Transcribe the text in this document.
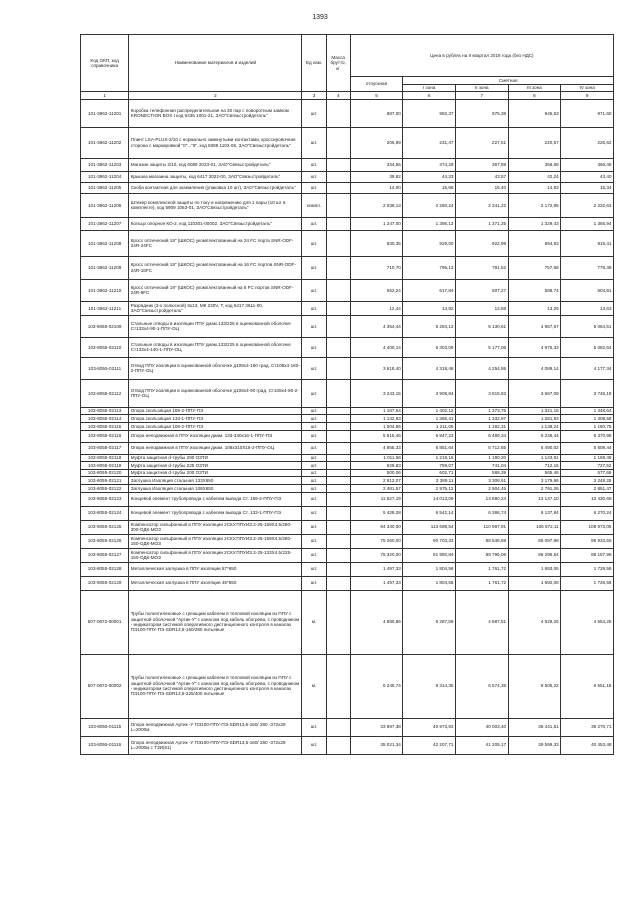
1393
Код ОКП, код справочника	Наименование материалов и изделий	Ед изм.	Масса брутто, кг	Цена в рублях на II квартал 2016 года (без НДС)				
				отпускная	Сметная			
					I зона	II зона	III зона	IV зона
1	2	3	4	5	6	7	8	9
101-3862-11201	Коробка телефонная распределительная на 30 пар с поворотным замком KRONECTION BOX I код 6435 1001-21, ЗАО"Связьстройдеталь"	шт.		887,00	992,37	975,38	945,63	971,60
101-3862-11202	Плинт LSA-PLUS-2/10 с нормально замкнутыми контактами, кроссировочная сторона с маркировкой "0"..."9", код 6089 1102-06, ЗАО"Связьстройдеталь"	шт.		206,89	231,47	227,51	220,57	226,62
101-3862-11203	Магазин защиты 2/10, код 6089 2023-01, ЗАО"Связьстройдеталь"	шт.		334,55	374,29	367,89	356,68	366,46
101-3862-11204	Крышка магазина защиты, код 6417 3022-00, ЗАО"Связьстройдеталь"	шт.		39,62	44,33	43,57	42,24	43,40
101-3862-11205	Скоба контактная для заземления (упаковка 10 шт), ЗАО"Связьстройдеталь"	шт.		14,00	15,66	15,40	14,93	15,34
101-3862-11206	Штекер комплексной защиты по току и напряжению для 1 пары (10 шт в комплекте), код 5909 1063-01, ЗАО"Связьстройдеталь"	компл.		2 038,13	2 280,24	2 241,22	2 172,95	2 232,63
101-3862-11207	Кольцо опорное КО-2, код 110301-00002, ЗАО"Связьстройдеталь"	шт.		1 247,00	1 395,13	1 371,25	1 329,43	1 365,94
101-3862-11208	Кросс оптический 19" (ШКОС) укомплектованный на 24 FC порта SNR-ODF-24R-24FC	шт.		830,35	929,00	922,99	894,83	919,41
101-3862-11209	Кросс оптический 19" (ШКОС) укомплектованный на 16 FC портов SNR-ODF-24R-16FC	шт.		710,70	795,13	781,52	757,68	778,49
101-3862-11210	Кросс оптический 19" (ШКОС) укомплектованный на 8 FC портов SNR-ODF-24R-8FC	шт.		552,24	617,84	607,27	588,74	604,91
101-3862-11211	Разрядник (3-х полюсной) 6х13, МК 230V, Т, код 6417 3611-00, ЗАО"Связьстройдеталь"	шт.		12,44	13,92	13,68	13,26	13,63
103-8055-02109	Стальные отводы в изоляции ППУ диам.133/225 в оцинкованной оболочке Ст133х4-90-1-ППУ-ОЦ	шт.		4 354,44	5 284,13	5 130,61	4 957,67	5 064,51
103-8055-02110	Стальные отводы в изоляции ППУ диам.133/225 в оцинкованной оболочке Ст133х4-140-1-ППУ-ОЦ	шт.		4 400,14	5 303,09	5 177,06	4 975,33	5 082,64
103-8055-02111	Отвод ППУ изоляции в оцинкованной оболочке д108х4-180 град. Ст108х4-180-2-ППУ-ОЦ	шт.		3 618,40	4 318,48	4 254,95	4 089,14	4 177,34
103-8055-02112	Отвод ППУ изоляции в оцинкованной оболочке д108х4-90 град. Ст108х4-90-2-ППУ-ОЦ	шт.		3 243,15	3 908,84	3 815,83	3 667,09	3 746,19
103-8055-02113	Опора скользящая 159-2-ППУ-ПЭ	шт.		1 167,54	1 402,12	1 373,75	1 321,16	1 348,64
103-8055-02114	Опора скользящая 133-1-ППУ-ПЭ	шт.		1 132,93	1 365,41	1 332,97	1 281,93	1 308,58
103-8055-02115	Опора скользящая 108-2-ППУ-ПЭ	шт.		1 004,86	1 211,06	1 182,31	1 136,24	1 160,75
103-8055-02116	Опора неподвижная в ППУ изоляции диам. 133-340х16-1-ППУ-ПЭ	шт.		5 815,46	6 847,23	6 489,34	6 236,44	6 370,96
103-8055-02117	Опора неподвижная в ППУ изоляции диам. 108х310Х16-2-ППУ-ОЦ	шт.		4 855,33	5 851,64	5 712,65	5 490,02	5 608,44
103-8055-02118	Муфта защитная d-трубы 280 ОЗТИ	шт.		1 011,56	1 219,16	1 190,20	1 143,81	1 168,49
103-8055-02119	Муфта защитная d-трубы 225 ОЗТИ	шт.		629,83	759,07	741,04	712,16	727,52
103-8055-02120	Муфта защитная d-трубы 200 ОЗТИ	шт.		500,06	602,71	588,39	565,46	577,66
103-8055-02121	Заглушка Изоляция стальная 133Х650	шт.		2 812,07	3 389,11	3 308,61	3 179,66	3 248,25
103-8055-02122	Заглушка Изоляция стальная 108Х650	шт.		2 481,57	2 975,12	2 904,45	2 791,26	2 851,47
103-8055-02123	Концевой элемент трубопровода с кабелем вывода Ст. 159-2-ППУ-ПЭ	шт.		11 627,19	14 013,09	13 680,24	13 147,10	13 430,68
103-8055-02124	Концевой элемент трубопровода с кабелем вывода Ст. 133-1-ППУ-ПЭ	шт.		5 428,28	6 542,14	6 386,74	6 137,84	6 270,24
103-8055-02125	Компенсатор сильфонный в ППУ изоляции 2СКУ.ППУИЗ.2-25-159Х4.5/280-300-ОДК-МОЗ	шт.		94 340,00	113 698,54	110 997,91	106 672,11	108 973,05
103-8055-02126	Компенсатор сильфонный в ППУ изоляции 2СКУ.ППУИЗ.2-25-159Х4.5/280-150-ОДК-МОЗ	шт.		75 260,00	90 703,33	88 548,89	85 097,98	86 933,56
103-8055-02127	Компенсатор сильфонный в ППУ изоляции 2СКУ.ППУИЗ.2-25-133Х4.5/225-150-ОДК-МОЗ	шт.		76 320,00	91 980,84	89 796,06	86 296,54	88 157,98
103-8055-02128	Металлическая заглушка в ППУ изоляции 57*650	шт.		1 497,33	1 804,58	1 761,72	1 693,06	1 729,58
103-8055-02129	Металлическая заглушка в ППУ изоляции 45*650	шт.		1 497,33	1 804,58	1 761,72	1 692,06	1 726,58
507-0672-00001	Трубы полиэтиленовые с греющим кабелем в тепловой изоляции из ППУ с защитной оболочкой "Артик-У" с каналом под кабель обогрева, с проводником - индикатором системой оперативного дистанционного контроля в каналах ПЭ100-ППУ-ПЭ-SDR13,6-160/280 питьевые	м.		4 880,86	5 287,59	4 887,51	4 628,26	4 554,25
507-0672-00002	Трубы полиэтиленовые с греющим кабелем в тепловой изоляции из ППУ с защитной оболочкой "Артик-У" с каналом под кабель обогрева, с проводником - индикатором системой оперативного дистанционного контроля в каналах ПЭ100-ППУ-ПЭ-SDR13,6-225/400 питьевые	м.		6 245,74	9 314,35	6 574,35	8 505,22	6 551,18
103-8055-01115	Опора неподвижная Артик -У ПЭ100-ППУ-ПЭ-SDR13,6-160/ 280 -372х28 L=2000м	шт.		33 897,38	40 973,93	40 003,40	38 441,51	39 270,71
103-8055-01116	Опора неподвижная Артик -У ПЭ100-ППУ-ПЭ-SDR13,6-160/ 280 -372х28 L=2000м с ТЗИ(61)	шт.		35 021,34	42 207,71	41 205,17	39 599,33	40 453,48
